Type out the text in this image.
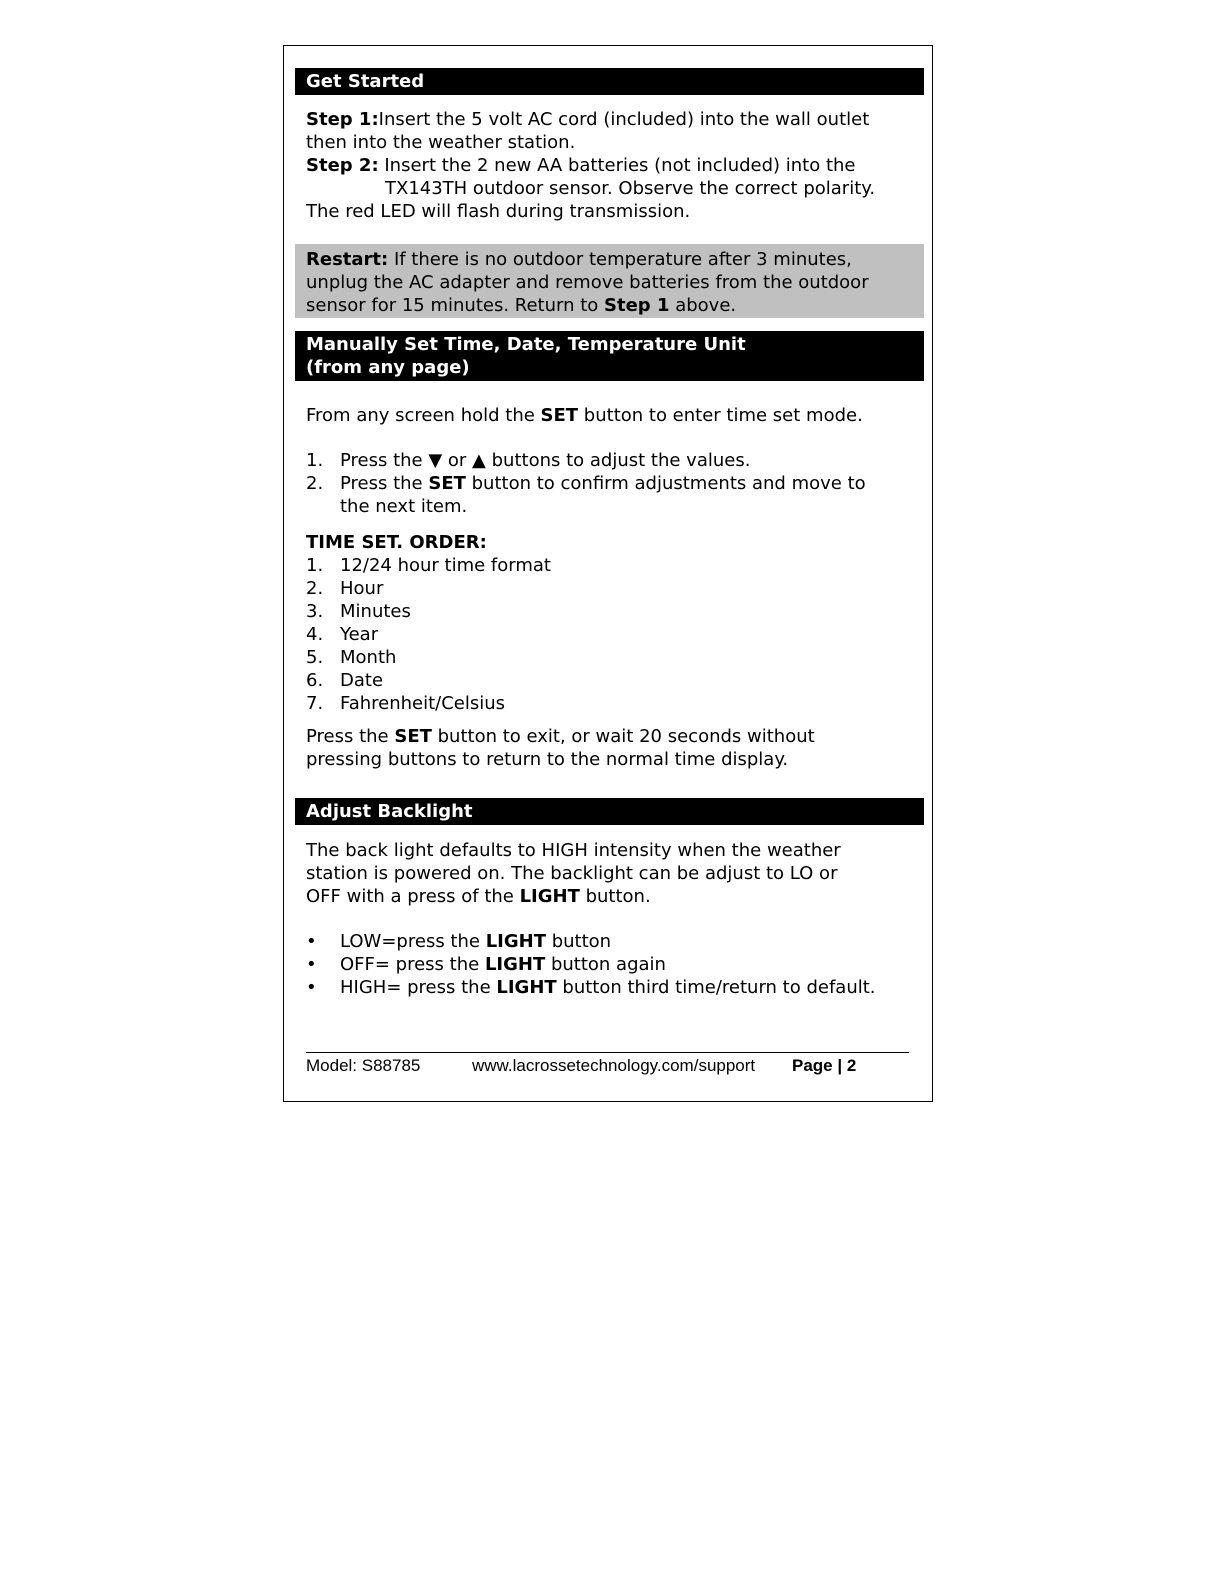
Get Started
Step 1:Insert the 5 volt AC cord (included) into the wall outlet
then into the weather station.
Step 2: Insert the 2 new AA batteries (not included) into the
TX143TH outdoor sensor. Observe the correct polarity.
The red LED will flash during transmission.
Restart: If there is no outdoor temperature after 3 minutes,
unplug the AC adapter and remove batteries from the outdoor
sensor for 15 minutes. Return to Step 1 above.
Manually Set Time, Date, Temperature Unit
(from any page)
From any screen hold the SET button to enter time set mode.
1. Press the ▼ or ▲ buttons to adjust the values.
2. Press the SET button to confirm adjustments and move to
the next item.
TIME SET. ORDER:
1. 12/24 hour time format
2. Hour
3. Minutes
4. Year
5. Month
6. Date
7. Fahrenheit/Celsius
Press the SET button to exit, or wait 20 seconds without
pressing buttons to return to the normal time display.
Adjust Backlight
The back light defaults to HIGH intensity when the weather
station is powered on. The backlight can be adjust to LO or
OFF with a press of the LIGHT button.
• LOW=press the LIGHT button
• OFF= press the LIGHT button again
• HIGH= press the LIGHT button third time/return to default.
Model: S88785	www.lacrossetechnology.com/support Page | 2
